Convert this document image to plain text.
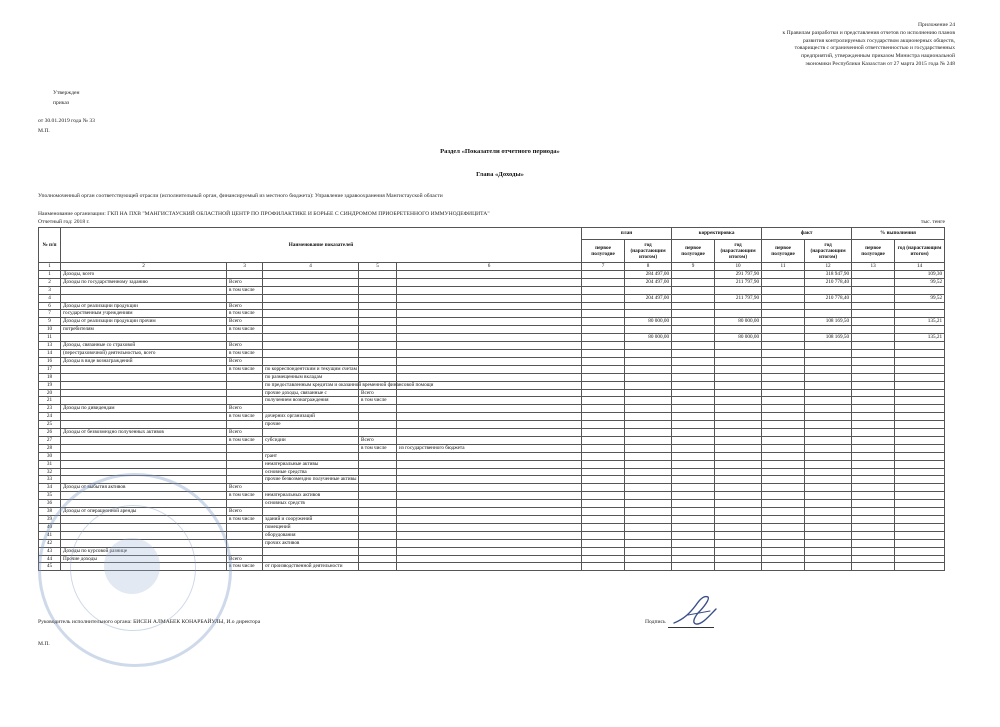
Приложение 24
к Правилам разработки и представления отчетов по исполнению планов
развития контролируемых государством акционерных обществ,
товариществ с ограниченной ответственностью и государственных
предприятий, утвержденным приказом Министра национальной
экономики Республики Казахстан от 27 марта 2015 года № 248
Утвержден
приказ
от 30.01.2019 года № 33
М.П.
Раздел «Показатели отчетного периода»
Глава «Доходы»
Уполномоченный орган соответствующей отрасли (исполнительный орган, финансируемый из местного бюджета): Управление здравоохранения Мангистауской области
Наименование организации: ГКП НА ПХВ "МАНГИСТАУСКИЙ ОБЛАСТНОЙ ЦЕНТР ПО ПРОФИЛАКТИКЕ И БОРЬБЕ С СИНДРОМОМ ПРИОБРЕТЕННОГО ИММУНОДЕФИЦИТА"
Отчетный год: 2018 г.	тыс. тенге
№ п/п	Наименование показателей					план		корректировка		факт		% выполнения	
						первое полугодие	год (нарастающим итогом)	первое полугодие	год (нарастающим итогом)	первое полугодие	год (нарастающим итогом)	первое полугодие	год (нарастающим итогом)
1	2	3	4	5	6	7	8	9	10	11	12	13	14
1	Доходы, всего						284 497,00		291 797,90		318 947,90		109,30
2	Доходы по государственному заданию	Всего					204 497,00		211 797,90		210 778,40		99,52
3		в том числе											
4							204 497,00		211 797,90		210 778,40		99,52
6	Доходы от реализации продукции	Всего											
7	государственным учреждениям	в том числе											
9	Доходы от реализации продукции прочим	Всего					80 000,00		80 000,00		108 169,50		135,21
10	потребителям	в том числе											
11							80 000,00		80 000,00		108 169,50		135,21
13	Доходы, связанные со страховой	Всего											
14	(перестраховочной) деятельностью, всего	в том числе											
16	Доходы в виде вознаграждений	Всего											
17		в том числе	по корреспондентским и текущим счетам										
18			по размещенным вкладам										
19			по предоставленным кредитам и оказанной временной финансовой помощи										
20			прочие доходы, связанные с	Всего									
21			получением вознаграждения	в том числе									
23	Доходы по дивидендам	Всего											
24		в том числе	дочерних организаций										
25			прочие										
26	Доходы от безвозмездно полученных активов	Всего											
27		в том числе	субсидии	Всего									
28				в том числе	из государственного бюджета								
30			грант										
31			нематериальные активы										
32			основные средства										
33			прочие безвозмездно полученные активы										
34	Доходы от выбытия активов	Всего											
35		в том числе	нематериальных активов										
36			основных средств										
38	Доходы от операционной аренды	Всего											
39		в том числе	зданий и сооружений										
40			помещений										
41			оборудования										
42			прочих активов										
43	Доходы по курсовой разнице												
44	Прочие доходы	Всего											
45		в том числе	от производственной деятельности										
Руководитель исполнительного органа: БИСЕН АЛМАБЕК КОНАРБАЙУЛЫ, И.о директора	Подпись
М.П.
